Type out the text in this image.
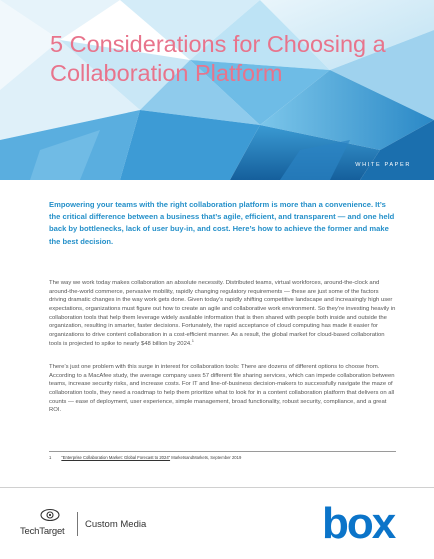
5 Considerations for Choosing a Collaboration Platform
WHITE PAPER

Empowering your teams with the right collaboration platform is more than a convenience. It’s the critical difference between a business that’s agile, efficient, and transparent — and one held back by bottlenecks, lack of user buy-in, and cost. Here’s how to achieve the former and make the best decision.

The way we work today makes collaboration an absolute necessity. Distributed teams, virtual workforces, around-the-clock and around-the-world commerce, pervasive mobility, rapidly changing regulatory requirements — these are just some of the factors driving dramatic changes in the way work gets done. Given today’s rapidly shifting competitive landscape and increasingly high user expectations, organizations must figure out how to create an agile and collaborative work environment. So they’re investing heavily in collaboration tools that help them leverage widely available information that is then shared with people both inside and outside the organization, resulting in smarter, faster decisions. Fortunately, the rapid acceptance of cloud computing has made it easier for organizations to drive content collaboration in a cost-efficient manner. As a result, the global market for cloud-based collaboration tools is projected to spike to nearly $48 billion by 2024.$^1$

There’s just one problem with this surge in interest for collaboration tools: There are dozens of different options to choose from. According to a MacAfee study, the average company uses 57 different file sharing services, which can impede collaboration between teams, increase security risks, and increase costs. For IT and line-of-business decision-makers to successfully navigate the maze of collaboration tools, they need a roadmap to help them prioritize what to look for in a content collaboration platform that delivers on all counts — ease of deployment, user experience, simple management, broad functionality, robust security, compliance, and a great ROI.

1 “Enterprise Collaboration Market: Global Forecast to 2024” MarketsandMarkets, September 2019

TechTarget
Custom Media	box
